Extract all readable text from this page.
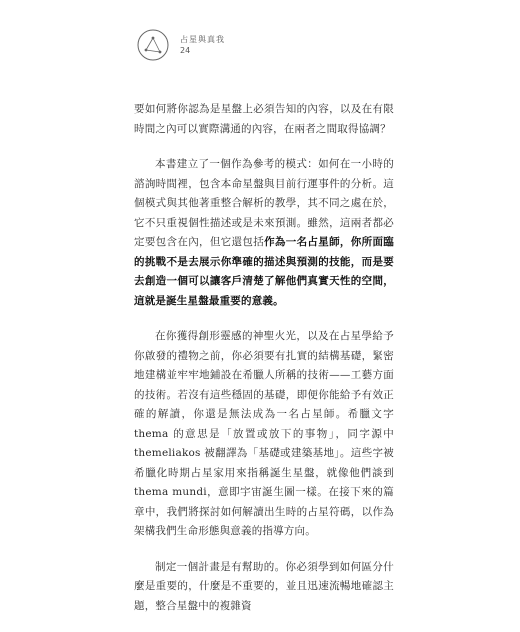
占星與真我
24

要如何將你認為是星盤上必須告知的內容，以及在有限時間之內可以實際溝通的內容，在兩者之間取得協調？

本書建立了一個作為參考的模式：如何在一小時的諮詢時間裡，包含本命星盤與目前行運事件的分析。這個模式與其他著重整合解析的教學，其不同之處在於，它不只重視個性描述或是未來預測。雖然，這兩者都必定要包含在內，但它還包括作為一名占星師，你所面臨的挑戰不是去展示你準確的描述與預測的技能，而是要去創造一個可以讓客戶清楚了解他們真實天性的空間，這就是誕生星盤最重要的意義。

在你獲得創形靈感的神聖火光，以及在占星學給予你啟發的禮物之前，你必須要有扎實的結構基礎，緊密地建構並牢牢地鋪設在希臘人所稱的技術——工藝方面的技術。若沒有這些穩固的基礎，即便你能給予有效正確的解讀，你還是無法成為一名占星師。希臘文字 thema 的意思是「放置或放下的事物」，同字源中 themeliakos 被翻譯為「基礎或建築基地」。這些字被希臘化時期占星家用來指稱誕生星盤，就像他們談到 thema mundi，意即宇宙誕生圖一樣。在接下來的篇章中，我們將探討如何解讀出生時的占星符碼，以作為架構我們生命形態與意義的指導方向。

制定一個計畫是有幫助的。你必須學到如何區分什麼是重要的，什麼是不重要的，並且迅速流暢地確認主題，整合星盤中的複雜資
